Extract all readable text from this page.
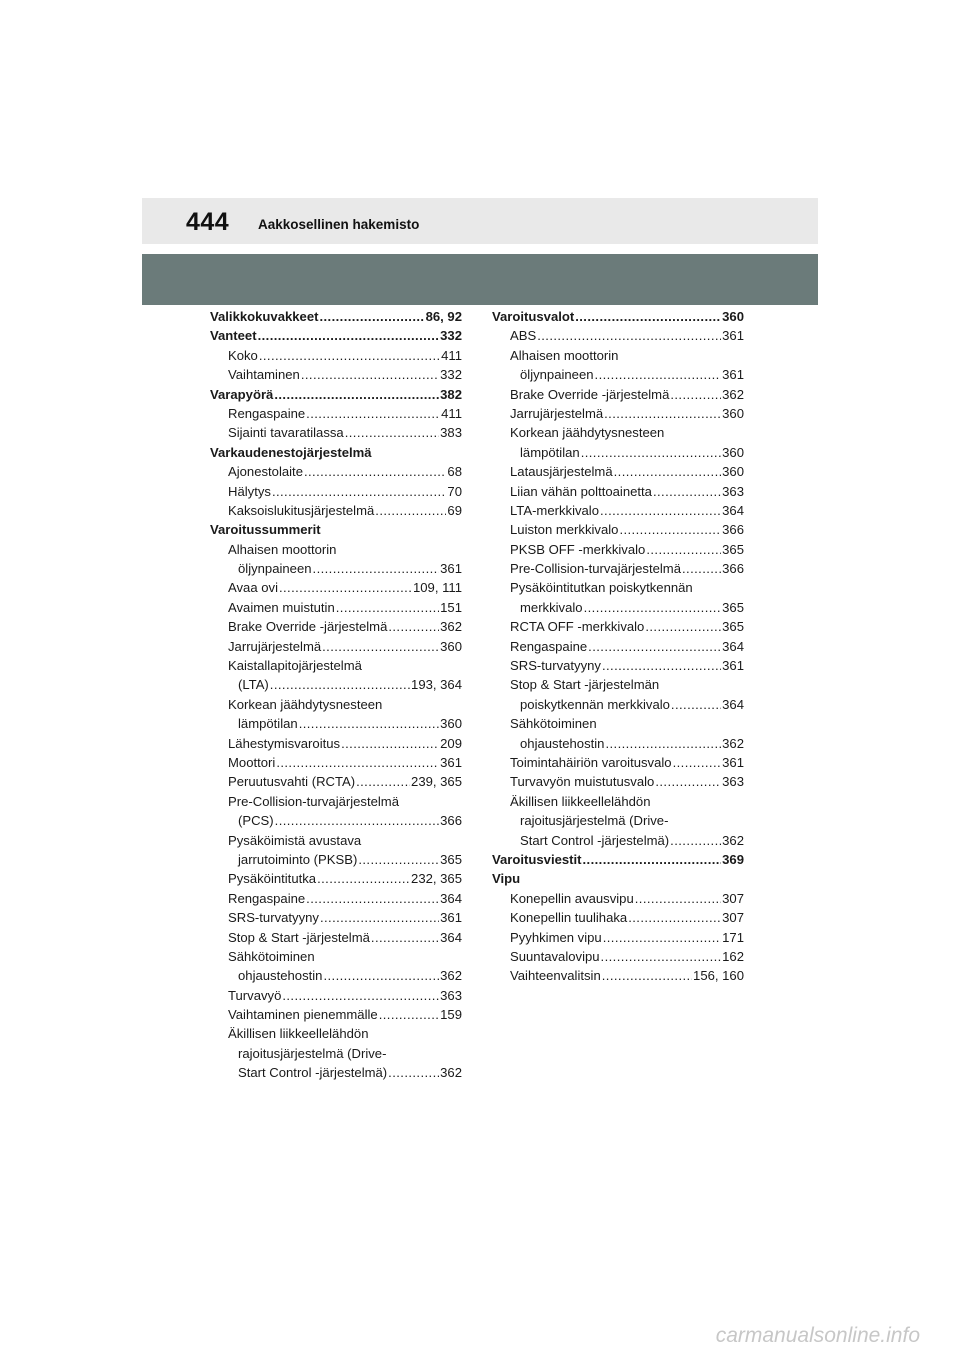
444 Aakkosellinen hakemisto
Valikkokuvakkeet .....	86, 92
Vanteet .....	332
Koko .....	411
Vaihtaminen .....	332
Varapyörä .....	382
Rengaspaine .....	411
Sijainti tavaratilassa .....	383
Varkaudenestojärjestelmä
Ajonestolaite .....	68
Hälytys .....	70
Kaksoislukitusjärjestelmä .....	69
Varoitussummerit
Alhaisen moottorin
öljynpaineen .....	361
Avaa ovi .....	109, 111
Avaimen muistutin .....	151
Brake Override -järjestelmä .....	362
Jarrujärjestelmä .....	360
Kaistallapitojärjestelmä
(LTA) .....	193, 364
Korkean jäähdytysnesteen
lämpötilan .....	360
Lähestymisvaroitus .....	209
Moottori .....	361
Peruutusvahti (RCTA) .....	239, 365
Pre-Collision-turvajärjestelmä
(PCS) .....	366
Pysäköimistä avustava
jarrutoiminto (PKSB) .....	365
Pysäköintitutka .....	232, 365
Rengaspaine .....	364
SRS-turvatyyny .....	361
Stop & Start -järjestelmä .....	364
Sähkötoiminen
ohjaustehostin .....	362
Turvavyö .....	363
Vaihtaminen pienemmälle .....	159
Äkillisen liikkeellelähdön
rajoitusjärjestelmä (Drive-
Start Control -järjestelmä) .....	362
Varoitusvalot .....	360
ABS .....	361
Alhaisen moottorin
öljynpaineen .....	361
Brake Override -järjestelmä .....	362
Jarrujärjestelmä .....	360
Korkean jäähdytysnesteen
lämpötilan .....	360
Latausjärjestelmä .....	360
Liian vähän polttoainetta .....	363
LTA-merkkivalo .....	364
Luiston merkkivalo .....	366
PKSB OFF -merkkivalo .....	365
Pre-Collision-turvajärjestelmä .....	366
Pysäköintitutkan poiskytkennän
merkkivalo .....	365
RCTA OFF -merkkivalo .....	365
Rengaspaine .....	364
SRS-turvatyyny .....	361
Stop & Start -järjestelmän
poiskytkennän merkkivalo .....	364
Sähkötoiminen
ohjaustehostin .....	362
Toimintahäiriön varoitusvalo .....	361
Turvavyön muistutusvalo .....	363
Äkillisen liikkeellelähdön
rajoitusjärjestelmä (Drive-
Start Control -järjestelmä) .....	362
Varoitusviestit .....	369
Vipu
Konepellin avausvipu .....	307
Konepellin tuulihaka .....	307
Pyyhkimen vipu .....	171
Suuntavalovipu .....	162
Vaihteenvalitsin .....	156, 160
carmanualsonline.info
